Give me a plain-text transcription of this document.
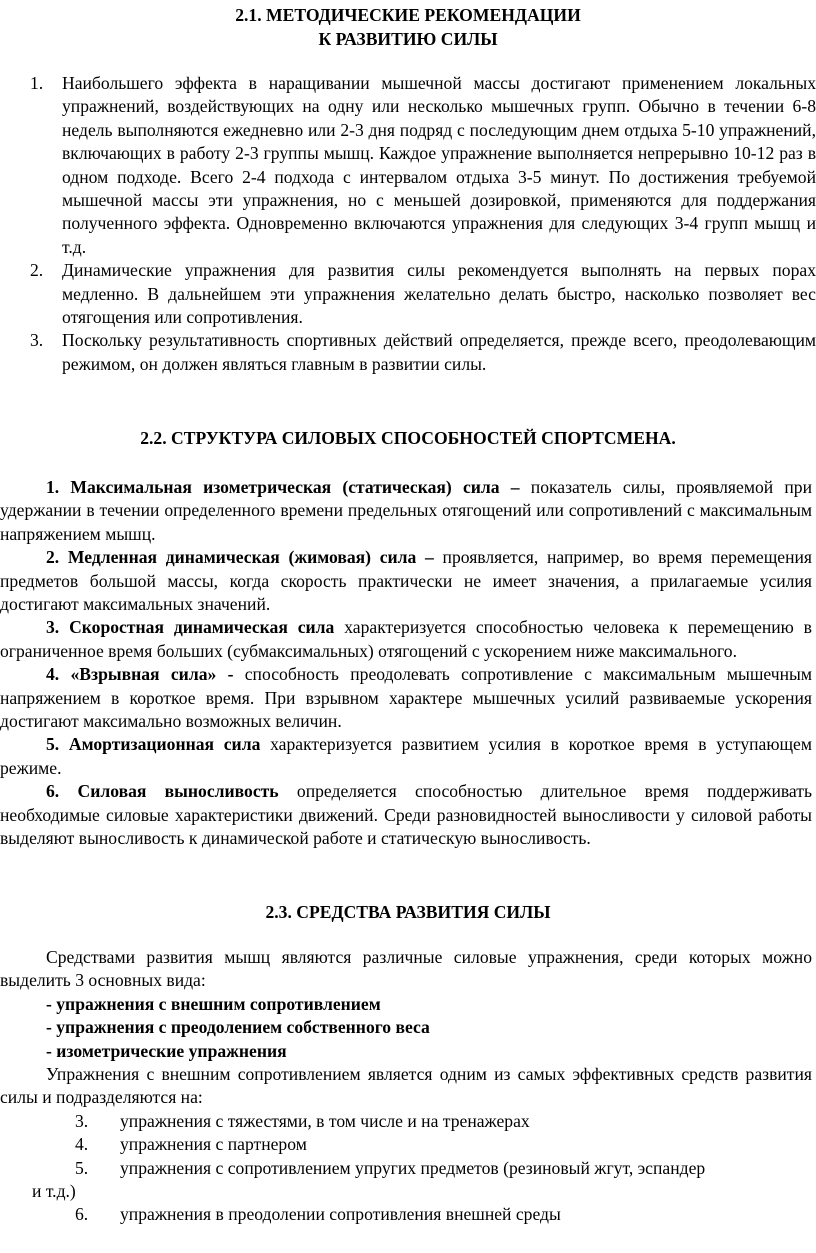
2.1. МЕТОДИЧЕСКИЕ РЕКОМЕНДАЦИИ

К РАЗВИТИЮ СИЛЫ

1. Наибольшего эффекта в наращивании мышечной массы достигают применением локальных упражнений, воздействующих на одну или несколько мышечных групп. Обычно в течении 6-8 недель выполняются ежедневно или 2-3 дня подряд с последующим днем отдыха 5-10 упражнений, включающих в работу 2-3 группы мышц. Каждое упражнение выполняется непрерывно 10-12 раз в одном подходе. Всего 2-4 подхода с интервалом отдыха 3-5 минут. По достижения требуемой мышечной массы эти упражнения, но с меньшей дозировкой, применяются для поддержания полученного эффекта. Одновременно включаются упражнения для следующих 3-4 групп мышц и т.д.
2. Динамические упражнения для развития силы рекомендуется выполнять на первых порах медленно. В дальнейшем эти упражнения желательно делать быстро, насколько позволяет вес отягощения или сопротивления.
3. Поскольку результативность спортивных действий определяется, прежде всего, преодолевающим режимом, он должен являться главным в развитии силы.

2.2. СТРУКТУРА СИЛОВЫХ СПОСОБНОСТЕЙ СПОРТСМЕНА.

1. Максимальная изометрическая (статическая) сила – показатель силы, проявляемой при удержании в течении определенного времени предельных отягощений или сопротивлений с максимальным напряжением мышц.

2. Медленная динамическая (жимовая) сила – проявляется, например, во время перемещения предметов большой массы, когда скорость практически не имеет значения, а прилагаемые усилия достигают максимальных значений.

3. Скоростная динамическая сила характеризуется способностью человека к перемещению в ограниченное время больших (субмаксимальных) отягощений с ускорением ниже максимального.

4. «Взрывная сила» - способность преодолевать сопротивление с максимальным мышечным напряжением в короткое время. При взрывном характере мышечных усилий развиваемые ускорения достигают максимально возможных величин.

5. Амортизационная сила характеризуется развитием усилия в короткое время в уступающем режиме.

6. Силовая выносливость определяется способностью длительное время поддерживать необходимые силовые характеристики движений. Среди разновидностей выносливости у силовой работы выделяют выносливость к динамической работе и статическую выносливость.

2.3. СРЕДСТВА РАЗВИТИЯ СИЛЫ

Средствами развития мышц являются различные силовые упражнения, среди которых можно выделить 3 основных вида:

- упражнения с внешним сопротивлением
- упражнения с преодолением собственного веса
- изометрические упражнения

Упражнения с внешним сопротивлением является одним из самых эффективных средств развития силы и подразделяются на:

3. упражнения с тяжестями, в том числе и на тренажерах
4. упражнения с партнером
5. упражнения с сопротивлением упругих предметов (резиновый жгут, эспандер
и т.д.)
6. упражнения в преодолении сопротивления внешней среды
